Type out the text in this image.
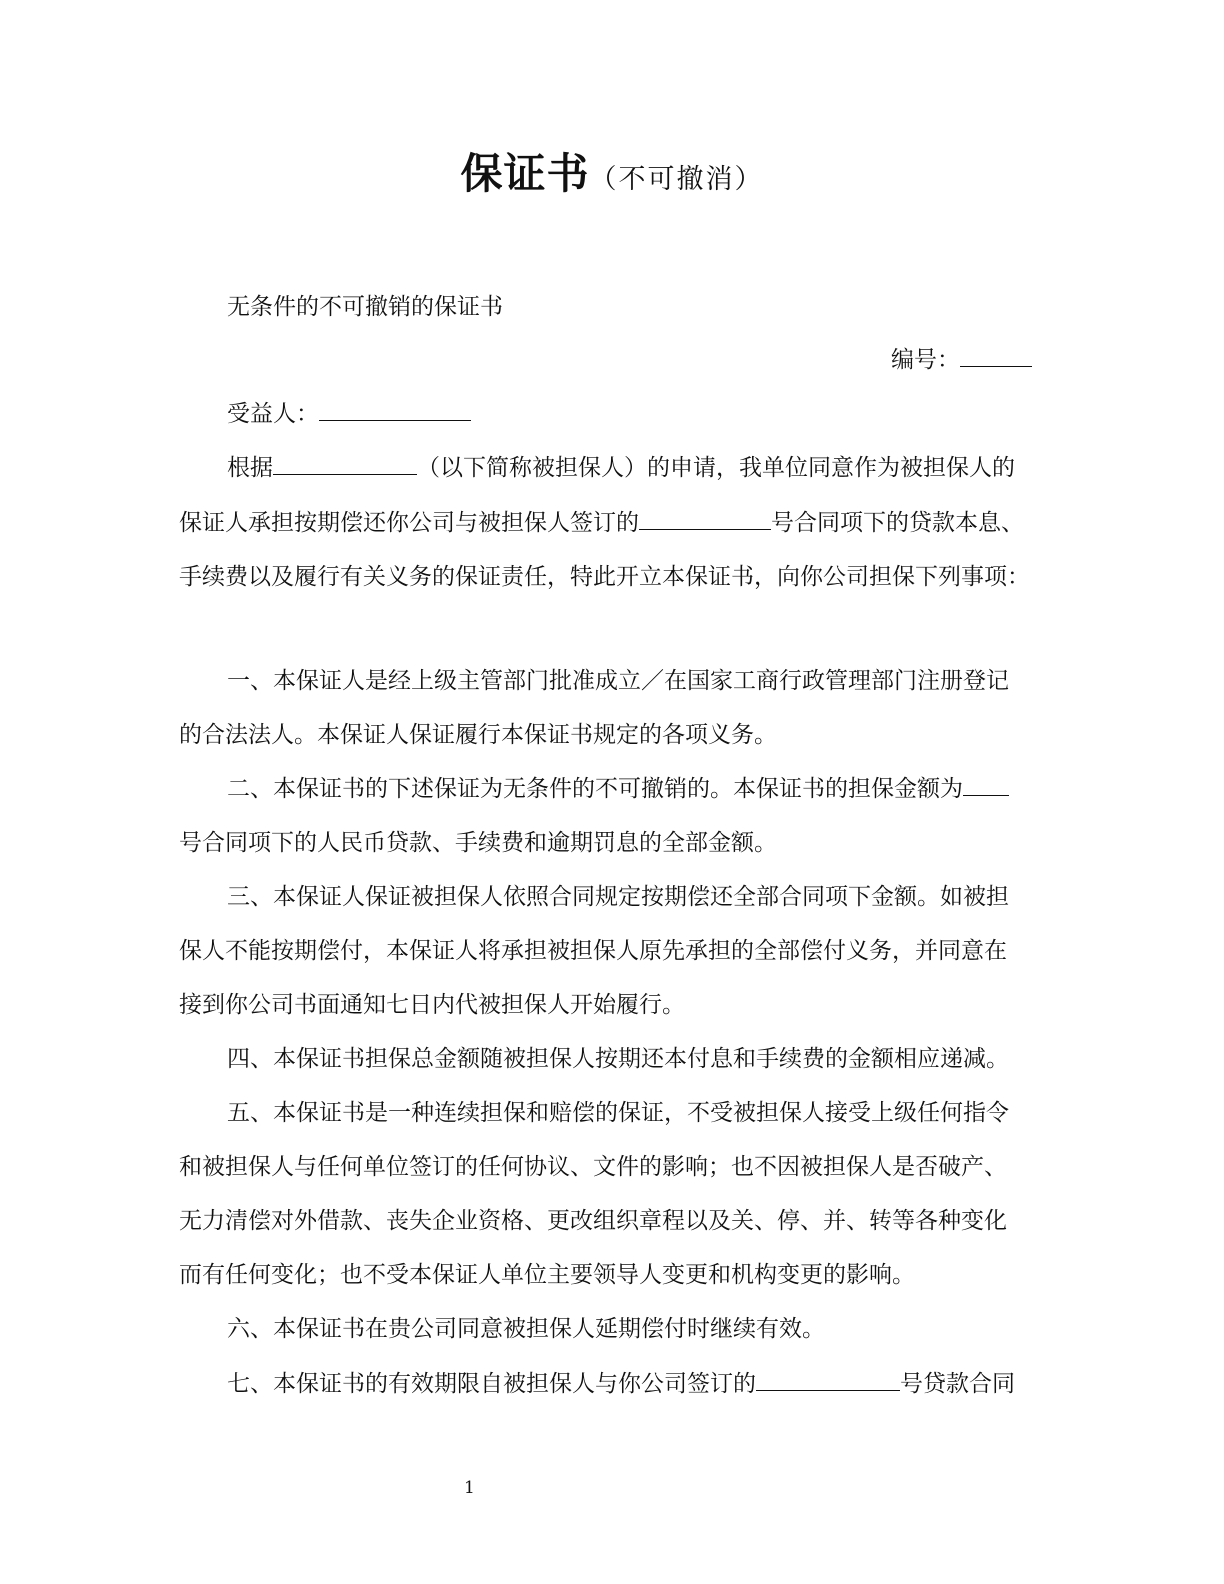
保证书（不可撤消）
无条件的不可撤销的保证书
编号：
受益人：
根据	（以下简称被担保人）的申请，我单位同意作为被担保人的
保证人承担按期偿还你公司与被担保人签订的	号合同项下的贷款本息、
手续费以及履行有关义务的保证责任，特此开立本保证书，向你公司担保下列事项：
一、本保证人是经上级主管部门批准成立／在国家工商行政管理部门注册登记
的合法法人。本保证人保证履行本保证书规定的各项义务。
二、本保证书的下述保证为无条件的不可撤销的。本保证书的担保金额为
号合同项下的人民币贷款、手续费和逾期罚息的全部金额。
三、本保证人保证被担保人依照合同规定按期偿还全部合同项下金额。如被担
保人不能按期偿付，本保证人将承担被担保人原先承担的全部偿付义务，并同意在
接到你公司书面通知七日内代被担保人开始履行。
四、本保证书担保总金额随被担保人按期还本付息和手续费的金额相应递减。
五、本保证书是一种连续担保和赔偿的保证，不受被担保人接受上级任何指令
和被担保人与任何单位签订的任何协议、文件的影响；也不因被担保人是否破产、
无力清偿对外借款、丧失企业资格、更改组织章程以及关、停、并、转等各种变化
而有任何变化；也不受本保证人单位主要领导人变更和机构变更的影响。
六、本保证书在贵公司同意被担保人延期偿付时继续有效。
七、本保证书的有效期限自被担保人与你公司签订的	号贷款合同
1
